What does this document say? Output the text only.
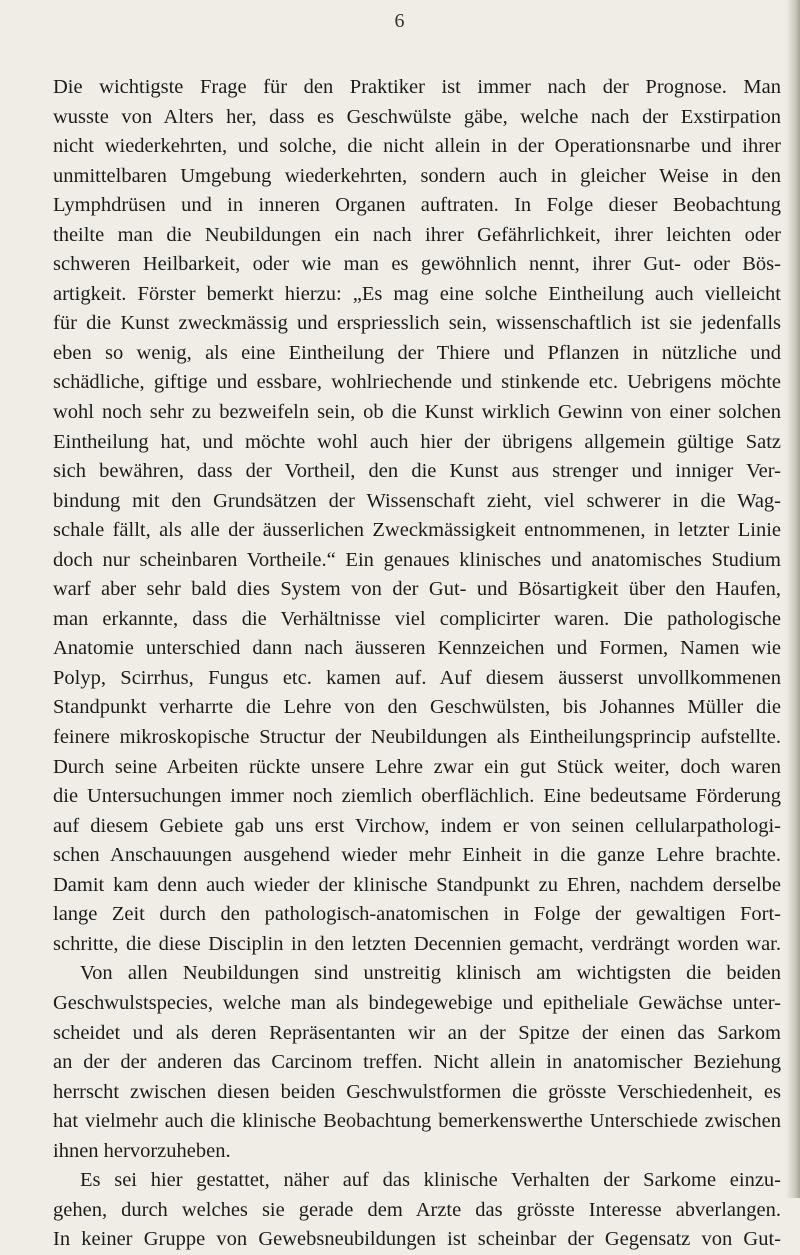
6
Die wichtigste Frage für den Praktiker ist immer nach der Prognose. Man
wusste von Alters her, dass es Geschwülste gäbe, welche nach der Exstirpation
nicht wiederkehrten, und solche, die nicht allein in der Operationsnarbe und ihrer
unmittelbaren Umgebung wiederkehrten, sondern auch in gleicher Weise in den
Lymphdrüsen und in inneren Organen auftraten. In Folge dieser Beobachtung
theilte man die Neubildungen ein nach ihrer Gefährlichkeit, ihrer leichten oder
schweren Heilbarkeit, oder wie man es gewöhnlich nennt, ihrer Gut- oder Bös-
artigkeit. Förster bemerkt hierzu: „Es mag eine solche Eintheilung auch vielleicht
für die Kunst zweckmässig und erspriesslich sein, wissenschaftlich ist sie jedenfalls
eben so wenig, als eine Eintheilung der Thiere und Pflanzen in nützliche und
schädliche, giftige und essbare, wohlriechende und stinkende etc. Uebrigens möchte
wohl noch sehr zu bezweifeln sein, ob die Kunst wirklich Gewinn von einer solchen
Eintheilung hat, und möchte wohl auch hier der übrigens allgemein gültige Satz
sich bewähren, dass der Vortheil, den die Kunst aus strenger und inniger Ver-
bindung mit den Grundsätzen der Wissenschaft zieht, viel schwerer in die Wag-
schale fällt, als alle der äusserlichen Zweckmässigkeit entnommenen, in letzter Linie
doch nur scheinbaren Vortheile.“ Ein genaues klinisches und anatomisches Studium
warf aber sehr bald dies System von der Gut- und Bösartigkeit über den Haufen,
man erkannte, dass die Verhältnisse viel complicirter waren. Die pathologische
Anatomie unterschied dann nach äusseren Kennzeichen und Formen, Namen wie
Polyp, Scirrhus, Fungus etc. kamen auf. Auf diesem äusserst unvollkommenen
Standpunkt verharrte die Lehre von den Geschwülsten, bis Johannes Müller die
feinere mikroskopische Structur der Neubildungen als Eintheilungsprincip aufstellte.
Durch seine Arbeiten rückte unsere Lehre zwar ein gut Stück weiter, doch waren
die Untersuchungen immer noch ziemlich oberflächlich. Eine bedeutsame Förderung
auf diesem Gebiete gab uns erst Virchow, indem er von seinen cellularpathologi-
schen Anschauungen ausgehend wieder mehr Einheit in die ganze Lehre brachte.
Damit kam denn auch wieder der klinische Standpunkt zu Ehren, nachdem derselbe
lange Zeit durch den pathologisch-anatomischen in Folge der gewaltigen Fort-
schritte, die diese Disciplin in den letzten Decennien gemacht, verdrängt worden war.
Von allen Neubildungen sind unstreitig klinisch am wichtigsten die beiden
Geschwulstspecies, welche man als bindegewebige und epitheliale Gewächse unter-
scheidet und als deren Repräsentanten wir an der Spitze der einen das Sarkom
an der der anderen das Carcinom treffen. Nicht allein in anatomischer Beziehung
herrscht zwischen diesen beiden Geschwulstformen die grösste Verschiedenheit, es
hat vielmehr auch die klinische Beobachtung bemerkenswerthe Unterschiede zwischen
ihnen hervorzuheben.
Es sei hier gestattet, näher auf das klinische Verhalten der Sarkome einzu-
gehen, durch welches sie gerade dem Arzte das grösste Interesse abverlangen.
In keiner Gruppe von Gewebsneubildungen ist scheinbar der Gegensatz von Gut-
